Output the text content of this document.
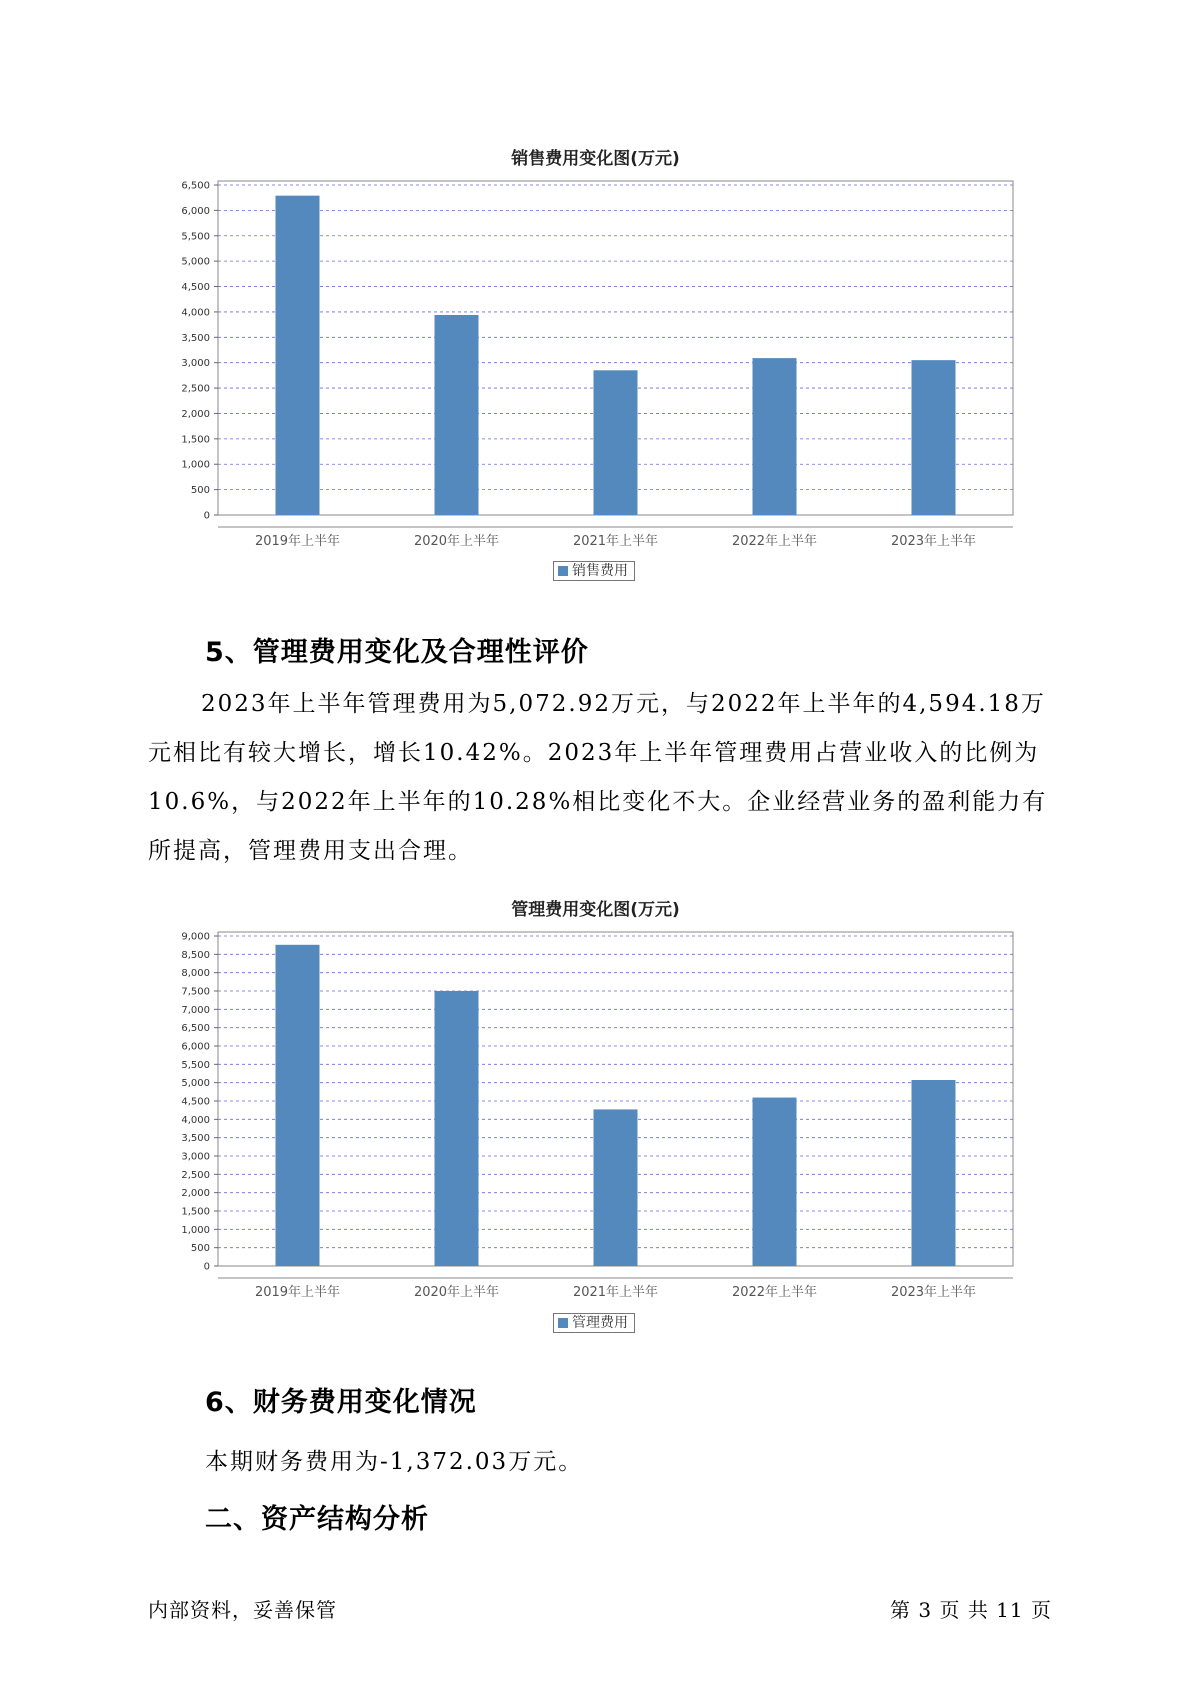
销售费用变化图(万元)
0
500
1,000
1,500
2,000
2,500
3,000
3,500
4,000
4,500
5,000
5,500
6,000
6,500
2019年上半年	2020年上半年	2021年上半年	2022年上半年	2023年上半年
销售费用
5、管理费用变化及合理性评价

2023年上半年管理费用为5,072.92万元，与2022年上半年的4,594.18万元相比有较大增长，增长10.42%。2023年上半年管理费用占营业收入的比例为10.6%，与2022年上半年的10.28%相比变化不大。企业经营业务的盈利能力有所提高，管理费用支出合理。

管理费用变化图(万元)
0
500
1,000
1,500
2,000
2,500
3,000
3,500
4,000
4,500
5,000
5,500
6,000
6,500
7,000
7,500
8,000
8,500
9,000
2019年上半年	2020年上半年	2021年上半年	2022年上半年	2023年上半年
管理费用
6、财务费用变化情况

本期财务费用为-1,372.03万元。

二、资产结构分析
内部资料，妥善保管	第 3 页 共 11 页
